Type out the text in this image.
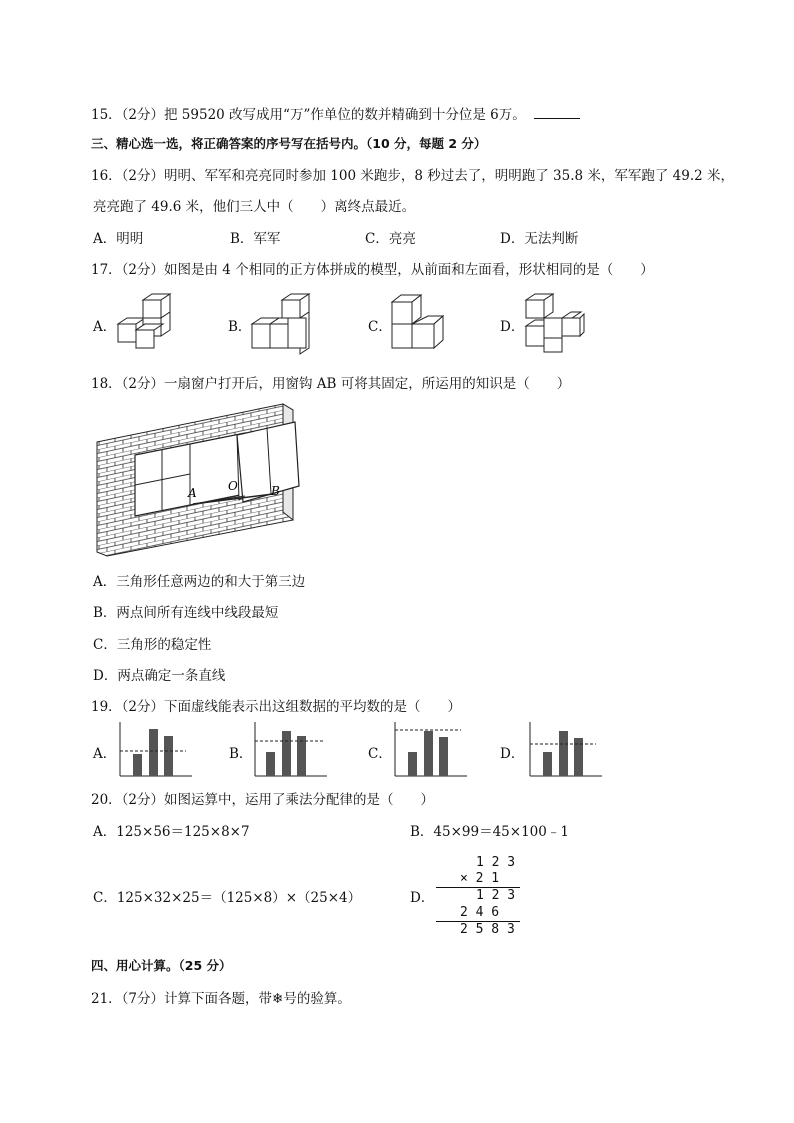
15．（2分）把 59520 改写成用“万”作单位的数并精确到十分位是 6万。
三、精心选一选，将正确答案的序号写在括号内。（10 分，每题 2 分）
16．（2分）明明、军军和亮亮同时参加 100 米跑步，8 秒过去了，明明跑了 35.8 米，军军跑了 49.2 米，
亮亮跑了 49.6 米，他们三人中（　　）离终点最近。
A．明明	B．军军	C．亮亮	D．无法判断
17．（2分）如图是由 4 个相同的正方体拼成的模型，从前面和左面看，形状相同的是（　　）
A．	B．	C．	D．
18．（2分）一扇窗户打开后，用窗钩 AB 可将其固定，所运用的知识是（　　）
A	O	B
A．三角形任意两边的和大于第三边
B．两点间所有连线中线段最短
C．三角形的稳定性
D．两点确定一条直线
19．（2分）下面虚线能表示出这组数据的平均数的是（　　）
A．	B．	C．	D．
20．（2分）如图运算中，运用了乘法分配律的是（　　）
A．125×56＝125×8×7	B．45×99＝45×100﹣1
C．125×32×25＝（125×8）×（25×4）	D．
1 2 3
× 2 1
1 2 3
2 4 6
2 5 8 3
四、用心计算。（25 分）
21．（7分）计算下面各题，带❄号的验算。
